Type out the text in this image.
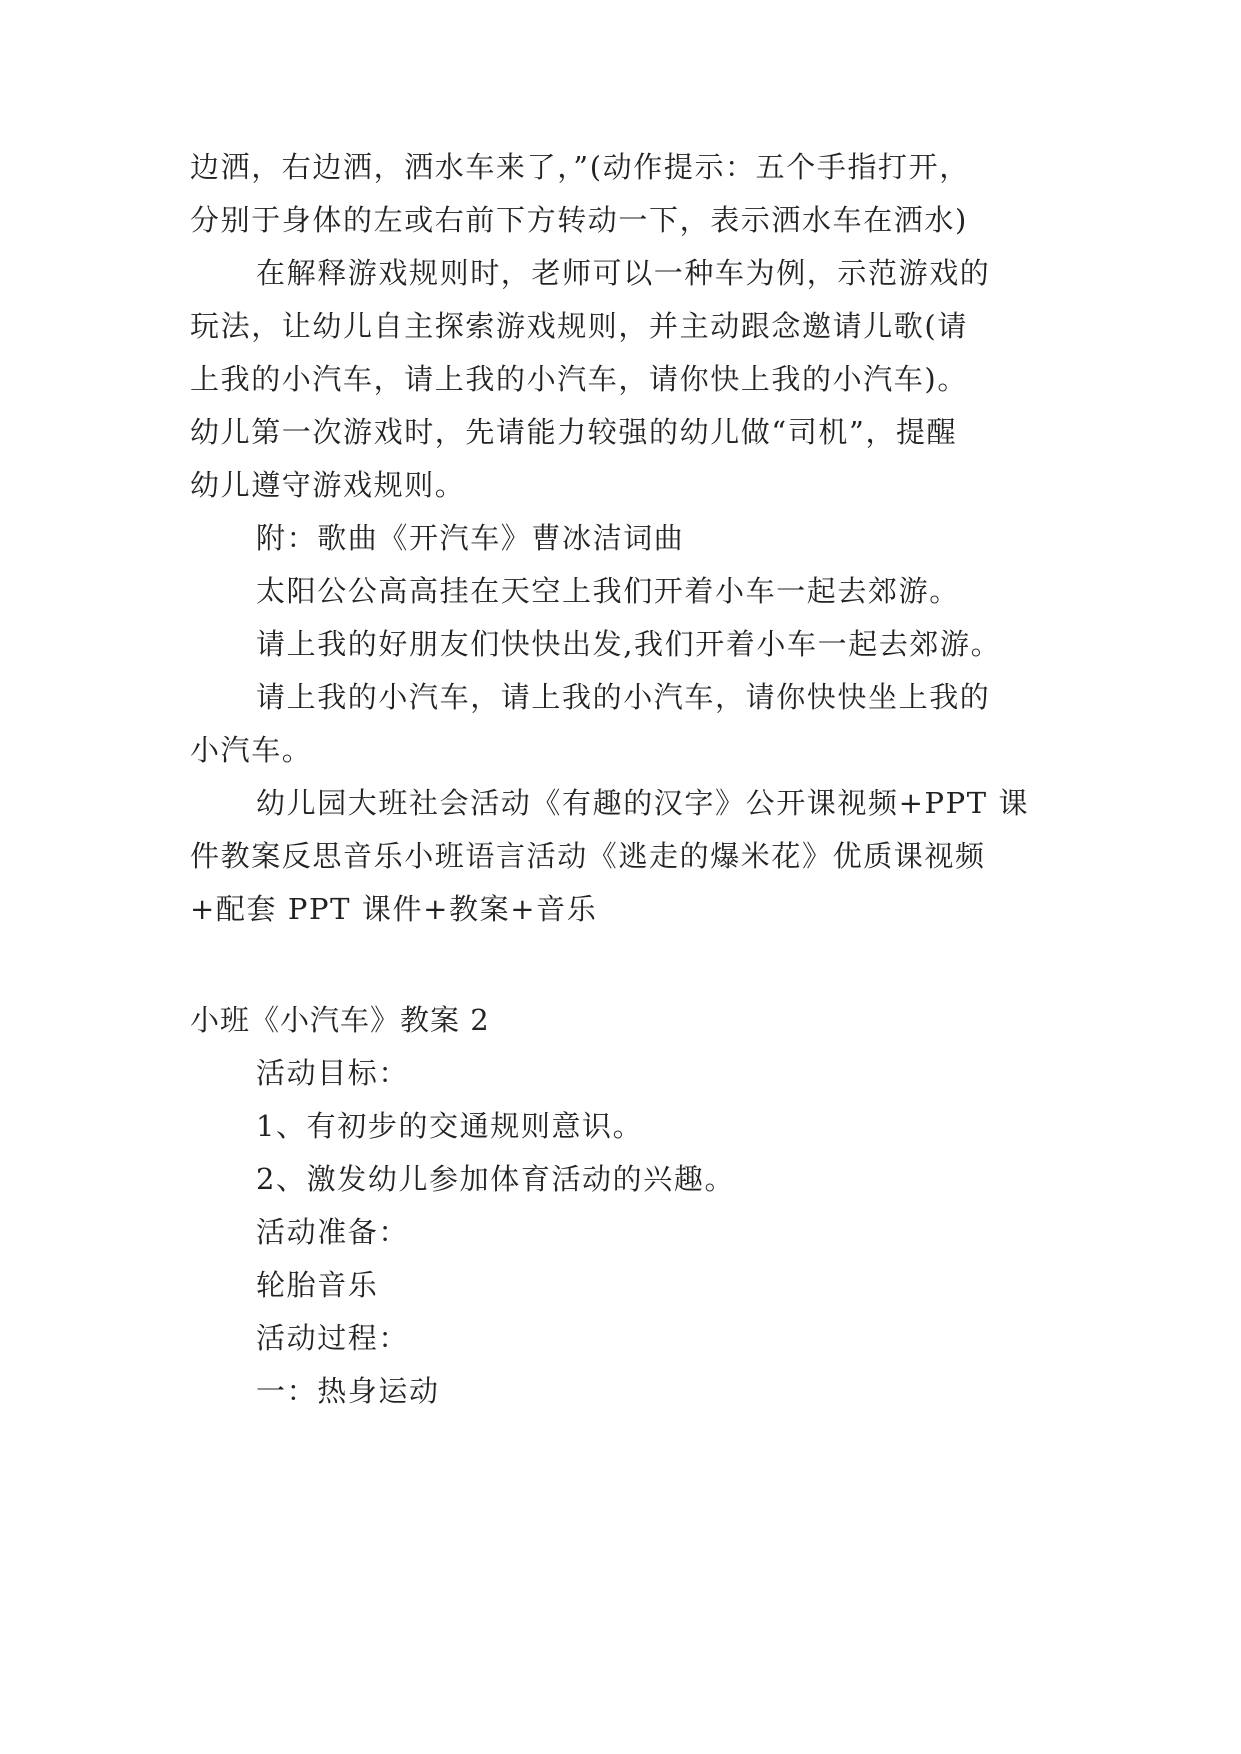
边洒，右边洒，洒水车来了，”(动作提示：五个手指打开，
分别于身体的左或右前下方转动一下，表示洒水车在洒水)
在解释游戏规则时，老师可以一种车为例，示范游戏的
玩法，让幼儿自主探索游戏规则，并主动跟念邀请儿歌(请
上我的小汽车，请上我的小汽车，请你快上我的小汽车)。
幼儿第一次游戏时，先请能力较强的幼儿做“司机”，提醒
幼儿遵守游戏规则。
附：歌曲《开汽车》曹冰洁词曲
太阳公公高高挂在天空上我们开着小车一起去郊游。
请上我的好朋友们快快出发,我们开着小车一起去郊游。
请上我的小汽车，请上我的小汽车，请你快快坐上我的
小汽车。
幼儿园大班社会活动《有趣的汉字》公开课视频+PPT 课
件教案反思音乐小班语言活动《逃走的爆米花》优质课视频
+配套 PPT 课件+教案+音乐
小班《小汽车》教案 2
活动目标：
1、有初步的交通规则意识。
2、激发幼儿参加体育活动的兴趣。
活动准备：
轮胎音乐
活动过程：
一：热身运动
